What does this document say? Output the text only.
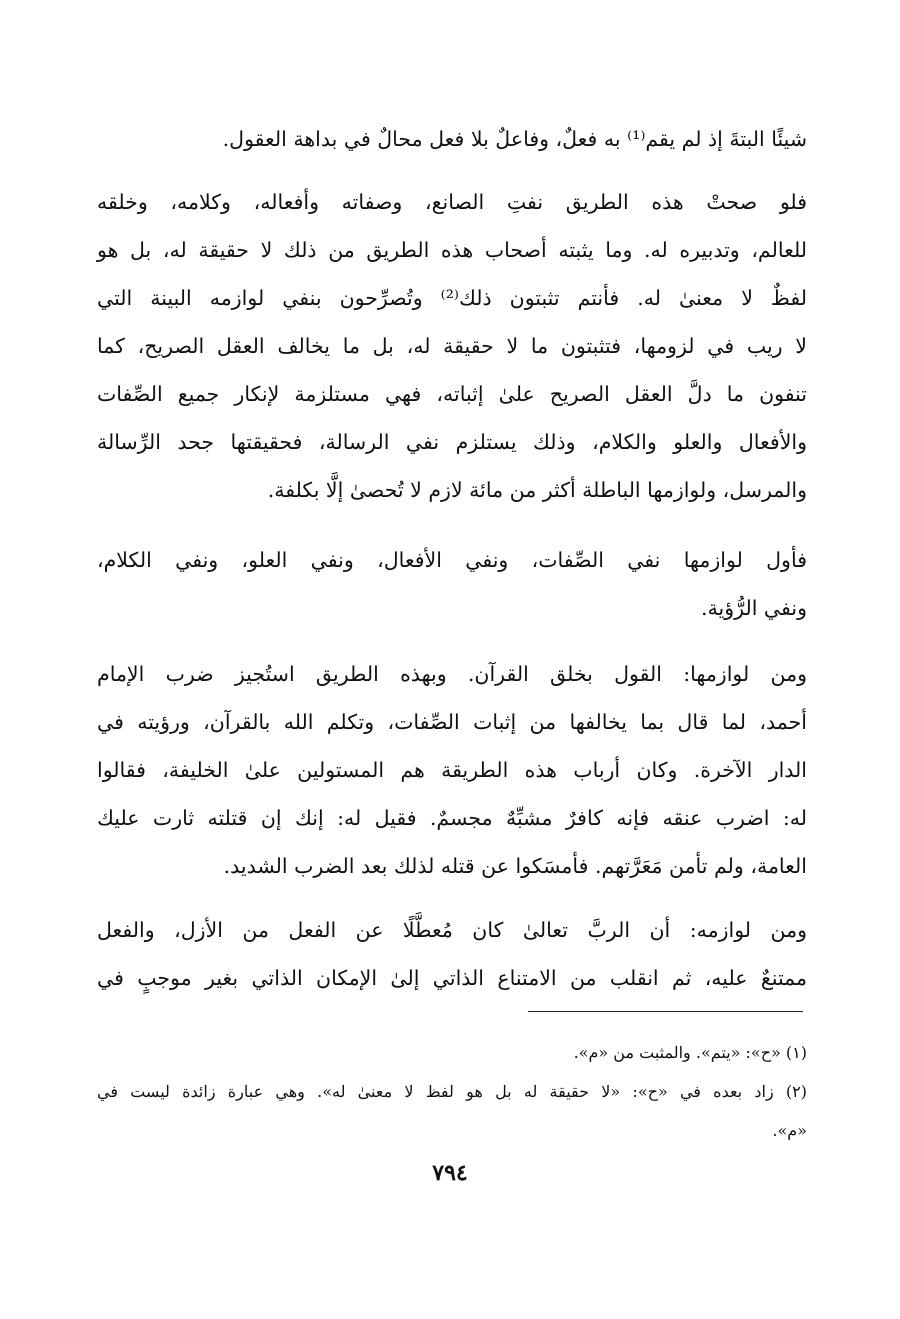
شيئًا البتةَ إذ لم يقم⁽¹⁾ به فعلٌ، وفاعلٌ بلا فعل محالٌ في بداهة العقول.
فلو صحتْ هذه الطريق نفتِ الصانع، وصفاته وأفعاله، وكلامه، وخلقه
للعالم، وتدبيره له. وما يثبته أصحاب هذه الطريق من ذلك لا حقيقة له، بل هو
لفظٌ لا معنىٰ له. فأنتم تثبتون ذلك⁽²⁾ وتُصرِّحون بنفي لوازمه البينة التي
لا ريب في لزومها، فتثبتون ما لا حقيقة له، بل ما يخالف العقل الصريح، كما
تنفون ما دلَّ العقل الصريح علىٰ إثباته، فهي مستلزمة لإنكار جميع الصِّفات
والأفعال والعلو والكلام، وذلك يستلزم نفي الرسالة، فحقيقتها جحد الرِّسالة
والمرسل، ولوازمها الباطلة أكثر من مائة لازم لا تُحصىٰ إلَّا بكلفة.
فأول لوازمها نفي الصِّفات، ونفي الأفعال، ونفي العلو، ونفي الكلام،
ونفي الرُّؤية.
ومن لوازمها: القول بخلق القرآن. وبهذه الطريق استُجيز ضرب الإمام
أحمد، لما قال بما يخالفها من إثبات الصِّفات، وتكلم الله بالقرآن، ورؤيته في
الدار الآخرة. وكان أرباب هذه الطريقة هم المستولين علىٰ الخليفة، فقالوا
له: اضرب عنقه فإنه كافرٌ مشبِّهٌ مجسمٌ. فقيل له: إنك إن قتلته ثارت عليك
العامة، ولم تأمن مَعَرَّتهم. فأمسَكوا عن قتله لذلك بعد الضرب الشديد.
ومن لوازمه: أن الربَّ تعالىٰ كان مُعطَّلًا عن الفعل من الأزل، والفعل
ممتنعٌ عليه، ثم انقلب من الامتناع الذاتي إلىٰ الإمكان الذاتي بغير موجبٍ في
(١) «ح»: «يتم». والمثبت من «م».
(٢) زاد بعده في «ح»: «لا حقيقة له بل هو لفظ لا معنىٰ له». وهي عبارة زائدة ليست في
«م».
٧٩٤
